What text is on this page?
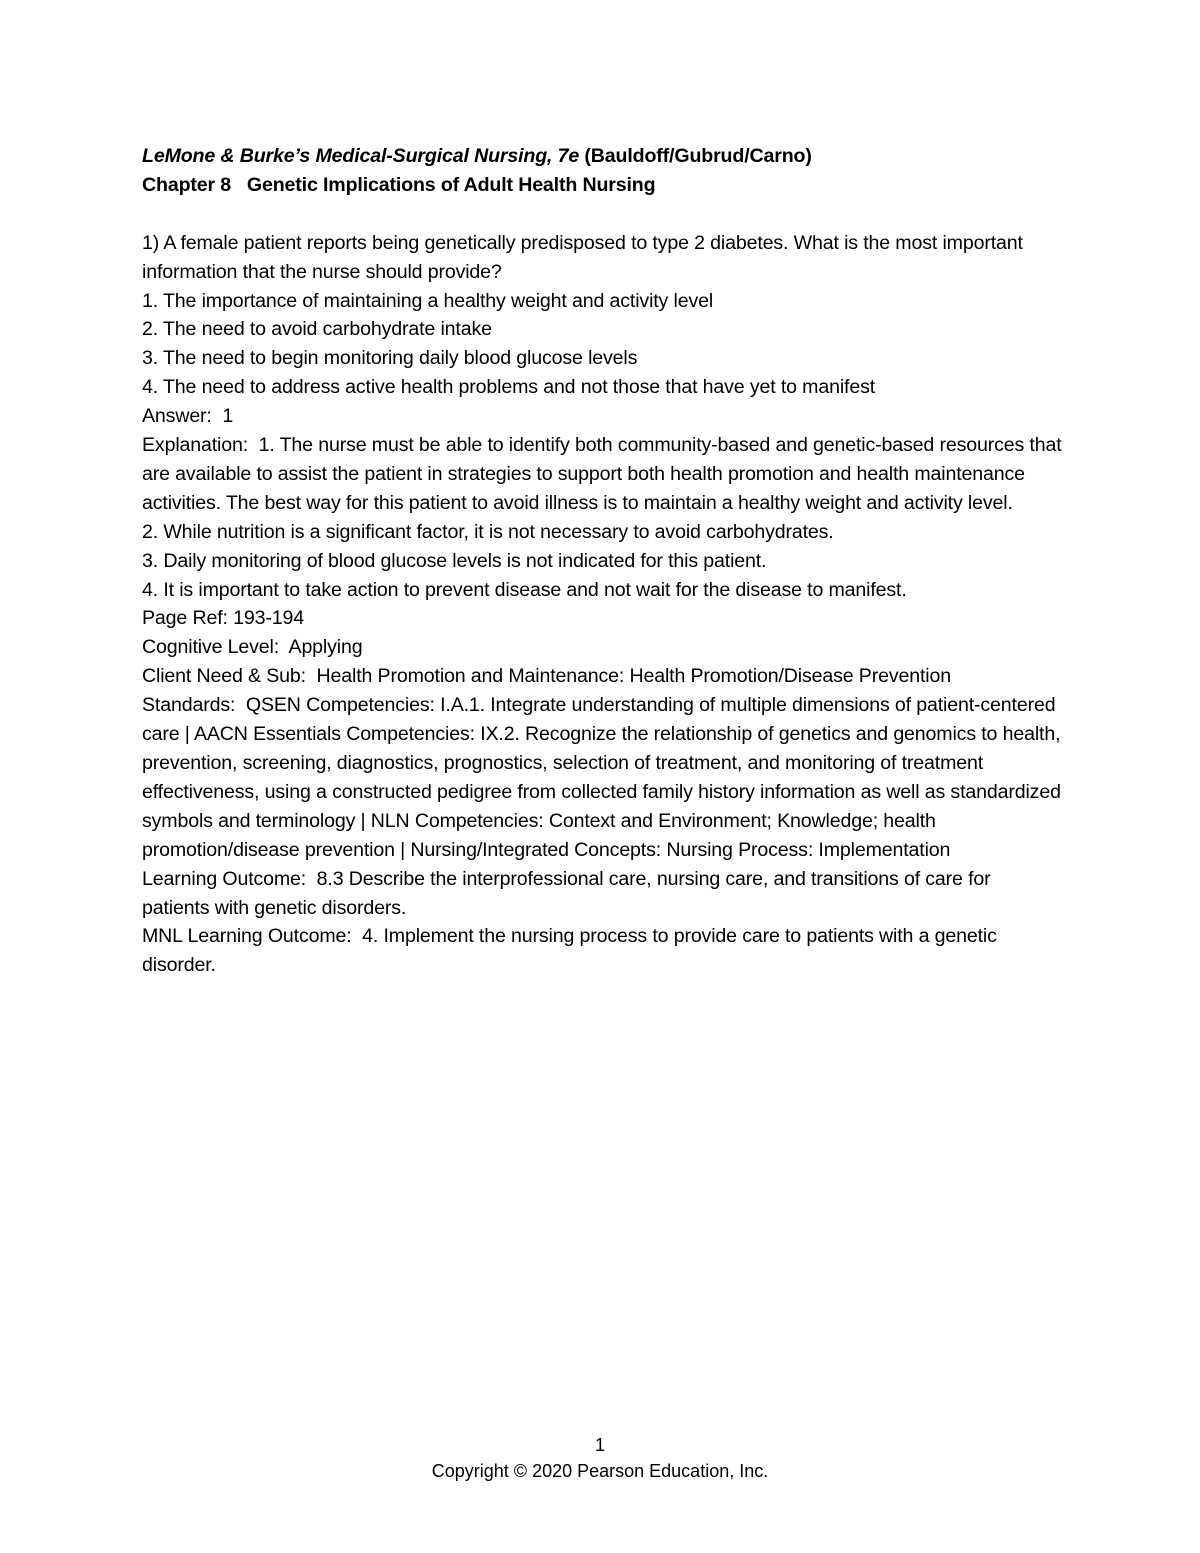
LeMone & Burke’s Medical-Surgical Nursing, 7e (Bauldoff/Gubrud/Carno)
Chapter 8   Genetic Implications of Adult Health Nursing
1) A female patient reports being genetically predisposed to type 2 diabetes. What is the most important information that the nurse should provide?
1. The importance of maintaining a healthy weight and activity level
2. The need to avoid carbohydrate intake
3. The need to begin monitoring daily blood glucose levels
4. The need to address active health problems and not those that have yet to manifest
Answer:  1
Explanation:  1. The nurse must be able to identify both community-based and genetic-based resources that are available to assist the patient in strategies to support both health promotion and health maintenance activities. The best way for this patient to avoid illness is to maintain a healthy weight and activity level.
2. While nutrition is a significant factor, it is not necessary to avoid carbohydrates.
3. Daily monitoring of blood glucose levels is not indicated for this patient.
4. It is important to take action to prevent disease and not wait for the disease to manifest.
Page Ref: 193-194
Cognitive Level:  Applying
Client Need & Sub:  Health Promotion and Maintenance: Health Promotion/Disease Prevention
Standards:  QSEN Competencies: I.A.1. Integrate understanding of multiple dimensions of patient-centered care | AACN Essentials Competencies: IX.2. Recognize the relationship of genetics and genomics to health, prevention, screening, diagnostics, prognostics, selection of treatment, and monitoring of treatment effectiveness, using a constructed pedigree from collected family history information as well as standardized symbols and terminology | NLN Competencies: Context and Environment; Knowledge; health promotion/disease prevention | Nursing/Integrated Concepts: Nursing Process: Implementation
Learning Outcome:  8.3 Describe the interprofessional care, nursing care, and transitions of care for patients with genetic disorders.
MNL Learning Outcome:  4. Implement the nursing process to provide care to patients with a genetic disorder.
1
Copyright © 2020 Pearson Education, Inc.
